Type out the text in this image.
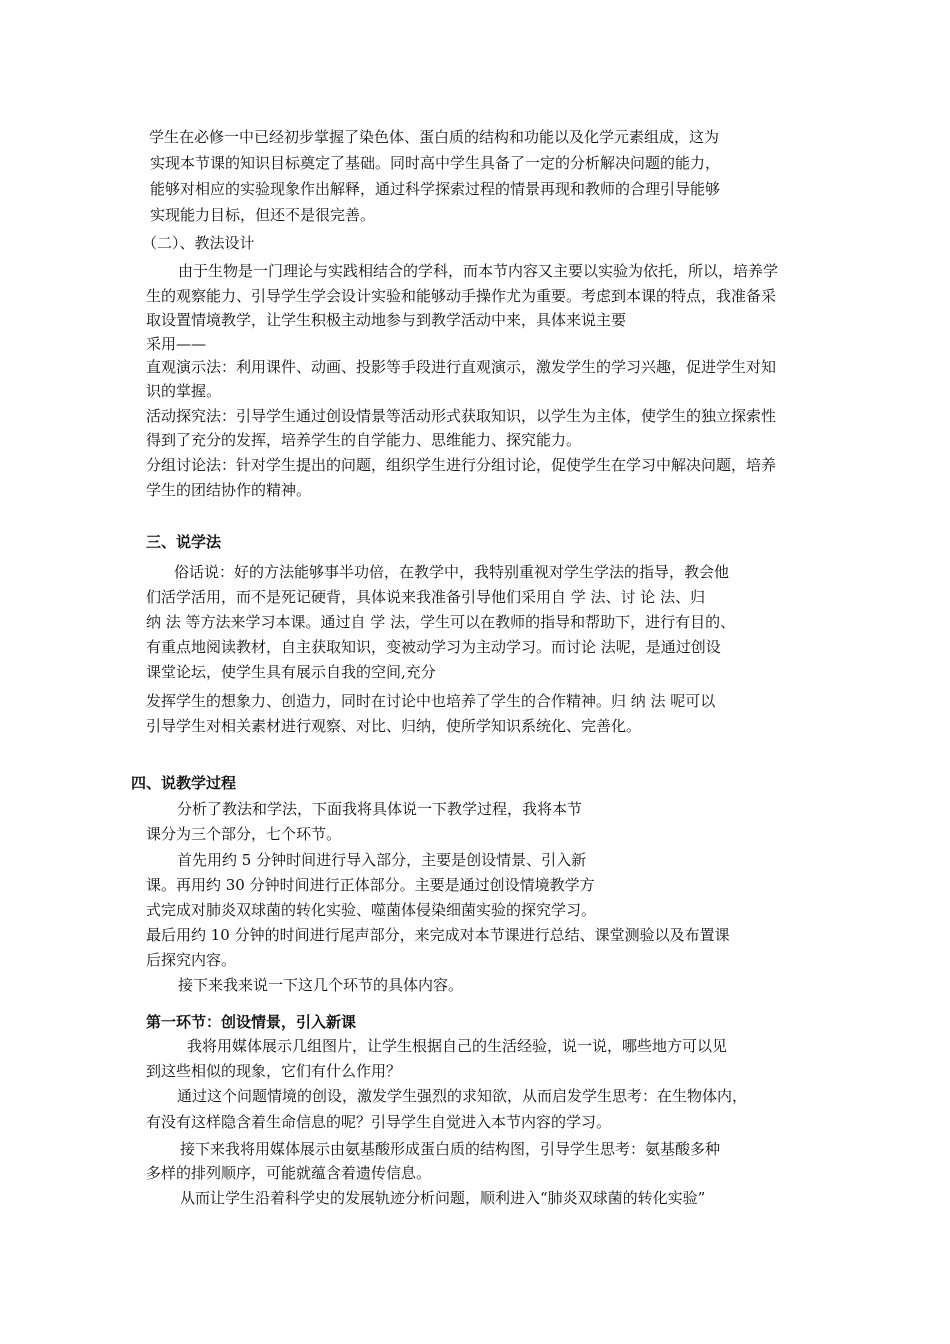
学生在必修一中已经初步掌握了染色体、蛋白质的结构和功能以及化学元素组成，这为
实现本节课的知识目标奠定了基础。同时高中学生具备了一定的分析解决问题的能力，
能够对相应的实验现象作出解释，通过科学探索过程的情景再现和教师的合理引导能够
实现能力目标，但还不是很完善。
（二）、教法设计
由于生物是一门理论与实践相结合的学科，而本节内容又主要以实验为依托，所以，培养学
生的观察能力、引导学生学会设计实验和能够动手操作尤为重要。考虑到本课的特点，我准备采
取设置情境教学，让学生积极主动地参与到教学活动中来，具体来说主要
采用——
直观演示法：利用课件、动画、投影等手段进行直观演示，激发学生的学习兴趣，促进学生对知
识的掌握。
活动探究法：引导学生通过创设情景等活动形式获取知识，以学生为主体，使学生的独立探索性
得到了充分的发挥，培养学生的自学能力、思维能力、探究能力。
分组讨论法：针对学生提出的问题，组织学生进行分组讨论，促使学生在学习中解决问题，培养
学生的团结协作的精神。
三、说学法
俗话说：好的方法能够事半功倍，在教学中，我特别重视对学生学法的指导，教会他
们活学活用，而不是死记硬背，具体说来我准备引导他们采用自 学 法、讨 论 法、归
纳 法 等方法来学习本课。通过自 学 法，学生可以在教师的指导和帮助下，进行有目的、
有重点地阅读教材，自主获取知识，变被动学习为主动学习。而讨论 法呢，是通过创设
课堂论坛，使学生具有展示自我的空间,充分
发挥学生的想象力、创造力，同时在讨论中也培养了学生的合作精神。归 纳 法 呢可以
引导学生对相关素材进行观察、对比、归纳，使所学知识系统化、完善化。
四、说教学过程
分析了教法和学法，下面我将具体说一下教学过程，我将本节
课分为三个部分，七个环节。
首先用约 5 分钟时间进行导入部分，主要是创设情景、引入新
课。再用约 30 分钟时间进行正体部分。主要是通过创设情境教学方
式完成对肺炎双球菌的转化实验、噬菌体侵染细菌实验的探究学习。
最后用约 10 分钟的时间进行尾声部分，来完成对本节课进行总结、课堂测验以及布置课
后探究内容。
接下来我来说一下这几个环节的具体内容。
第一环节：创设情景，引入新课
我将用媒体展示几组图片，让学生根据自己的生活经验，说一说，哪些地方可以见
到这些相似的现象，它们有什么作用？
通过这个问题情境的创设，激发学生强烈的求知欲，从而启发学生思考：在生物体内，
有没有这样隐含着生命信息的呢？引导学生自觉进入本节内容的学习。
接下来我将用媒体展示由氨基酸形成蛋白质的结构图，引导学生思考：氨基酸多种
多样的排列顺序，可能就蕴含着遗传信息。
从而让学生沿着科学史的发展轨迹分析问题，顺利进入“肺炎双球菌的转化实验”
